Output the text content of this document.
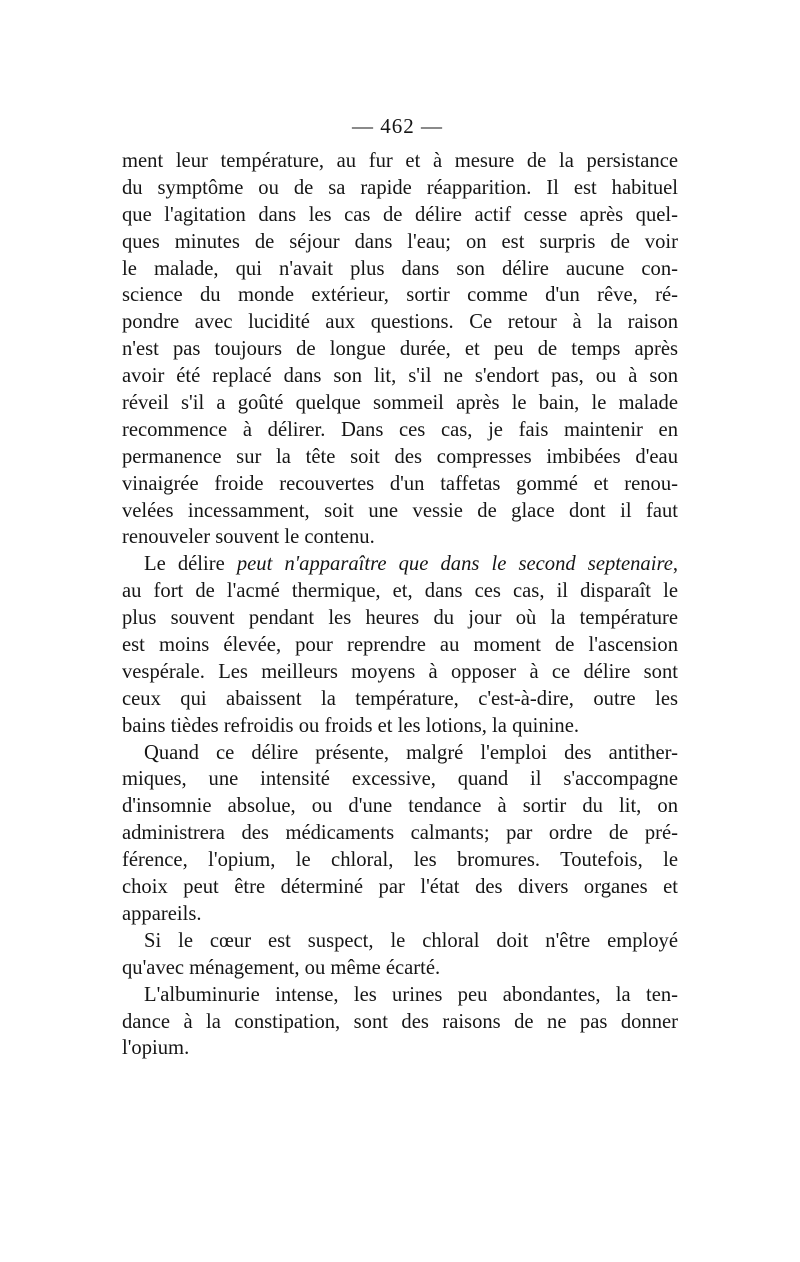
— 462 —
ment leur température, au fur et à mesure de la persistance
du symptôme ou de sa rapide réapparition. Il est habituel
que l'agitation dans les cas de délire actif cesse après quel-
ques minutes de séjour dans l'eau; on est surpris de voir
le malade, qui n'avait plus dans son délire aucune con-
science du monde extérieur, sortir comme d'un rêve, ré-
pondre avec lucidité aux questions. Ce retour à la raison
n'est pas toujours de longue durée, et peu de temps après
avoir été replacé dans son lit, s'il ne s'endort pas, ou à son
réveil s'il a goûté quelque sommeil après le bain, le malade
recommence à délirer. Dans ces cas, je fais maintenir en
permanence sur la tête soit des compresses imbibées d'eau
vinaigrée froide recouvertes d'un taffetas gommé et renou-
velées incessamment, soit une vessie de glace dont il faut
renouveler souvent le contenu.
Le délire peut n'apparaître que dans le second septenaire,
au fort de l'acmé thermique, et, dans ces cas, il disparaît le
plus souvent pendant les heures du jour où la température
est moins élevée, pour reprendre au moment de l'ascension
vespérale. Les meilleurs moyens à opposer à ce délire sont
ceux qui abaissent la température, c'est-à-dire, outre les
bains tièdes refroidis ou froids et les lotions, la quinine.
Quand ce délire présente, malgré l'emploi des antither-
miques, une intensité excessive, quand il s'accompagne
d'insomnie absolue, ou d'une tendance à sortir du lit, on
administrera des médicaments calmants; par ordre de pré-
férence, l'opium, le chloral, les bromures. Toutefois, le
choix peut être déterminé par l'état des divers organes et
appareils.
Si le cœur est suspect, le chloral doit n'être employé
qu'avec ménagement, ou même écarté.
L'albuminurie intense, les urines peu abondantes, la ten-
dance à la constipation, sont des raisons de ne pas donner
l'opium.
